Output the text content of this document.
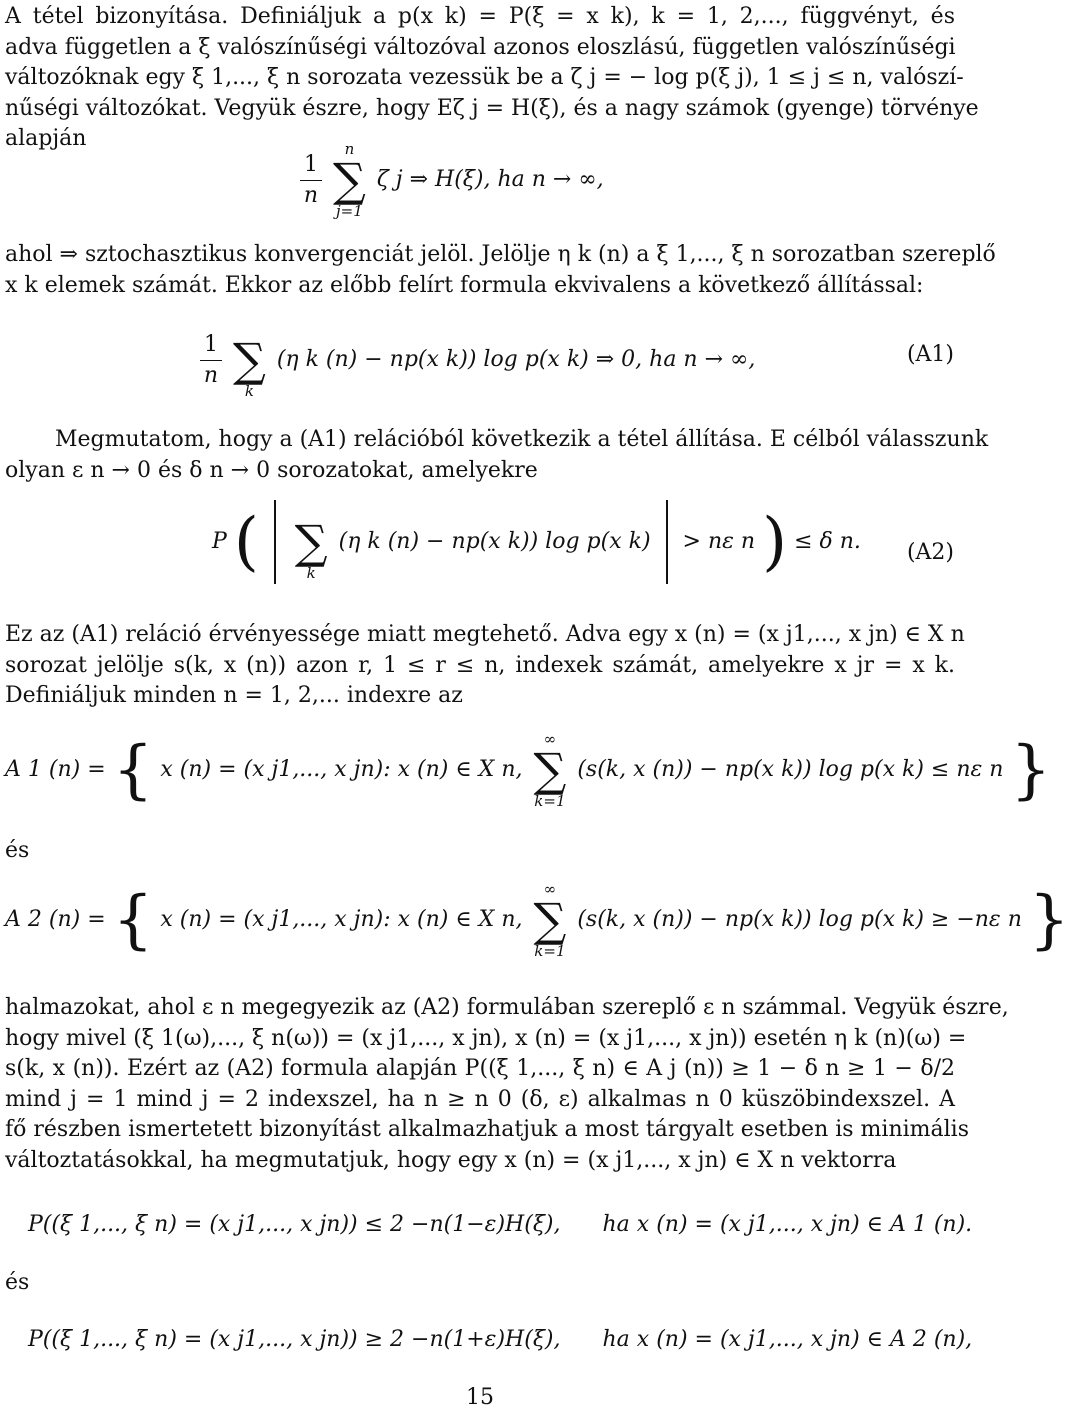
A tétel bizonyítása. Definiáljuk a p(x k) = P(ξ = x k), k = 1, 2,..., függvényt, és
adva független a ξ valószínűségi változóval azonos eloszlású, független valószínűségi
változóknak egy ξ 1,..., ξ n sorozata vezessük be a ζ j = − log p(ξ j), 1 ≤ j ≤ n, valószí-
nűségi változókat. Vegyük észre, hogy Eζ j = H(ξ), és a nagy számok (gyenge) törvénye
alapján
$\frac{1}{n}$

n
∑
j=1
ζ j ⇒ H(ξ), ha n → ∞,
ahol ⇒ sztochasztikus konvergenciát jelöl. Jelölje η k (n) a ξ 1,..., ξ n sorozatban szereplő
x k elemek számát. Ekkor az előbb felírt formula ekvivalens a következő állítással:
$\frac{1}{n}$

∑
k
(η k (n) − np(x k)) log p(x k) ⇒ 0, ha n → ∞,	(A1)
Megmutatom, hogy a (A1) relációból következik a tétel állítása. E célból válasszunk
olyan ε n → 0 és δ n → 0 sorozatokat, amelyekre
P (
∑
k
(η k (n) − np(x k)) log p(x k) > nε n ) ≤ δ n. (A2)
Ez az (A1) reláció érvényessége miatt megtehető. Adva egy x (n) = (x j1,..., x jn) ∈ X n
sorozat jelölje s(k, x (n)) azon r, 1 ≤ r ≤ n, indexek számát, amelyekre x jr = x k.
Definiáljuk minden n = 1, 2,... indexre az
A 1 (n) = { x (n) = (x j1,..., x jn): x (n) ∈ X n,
∞
∑
k=1
(s(k, x (n)) − np(x k)) log p(x k) ≤ nε n }
és
A 2 (n) = { x (n) = (x j1,..., x jn): x (n) ∈ X n,
∞
∑
k=1
(s(k, x (n)) − np(x k)) log p(x k) ≥ −nε n }
halmazokat, ahol ε n megegyezik az (A2) formulában szereplő ε n számmal. Vegyük észre,
hogy mivel (ξ 1(ω),..., ξ n(ω)) = (x j1,..., x jn), x (n) = (x j1,..., x jn)) esetén η k (n)(ω) =
s(k, x (n)). Ezért az (A2) formula alapján P((ξ 1,..., ξ n) ∈ A j (n)) ≥ 1 − δ n ≥ 1 − δ/2
mind j = 1 mind j = 2 indexszel, ha n ≥ n 0 (δ, ε) alkalmas n 0 küszöbindexszel. A
fő részben ismertetett bizonyítást alkalmazhatjuk a most tárgyalt esetben is minimális
változtatásokkal, ha megmutatjuk, hogy egy x (n) = (x j1,..., x jn) ∈ X n vektorra
P((ξ 1,..., ξ n) = (x j1,..., x jn)) ≤ 2 −n(1−ε)H(ξ), ha x (n) = (x j1,..., x jn) ∈ A 1 (n).
és
P((ξ 1,..., ξ n) = (x j1,..., x jn)) ≥ 2 −n(1+ε)H(ξ), ha x (n) = (x j1,..., x jn) ∈ A 2 (n),
15
